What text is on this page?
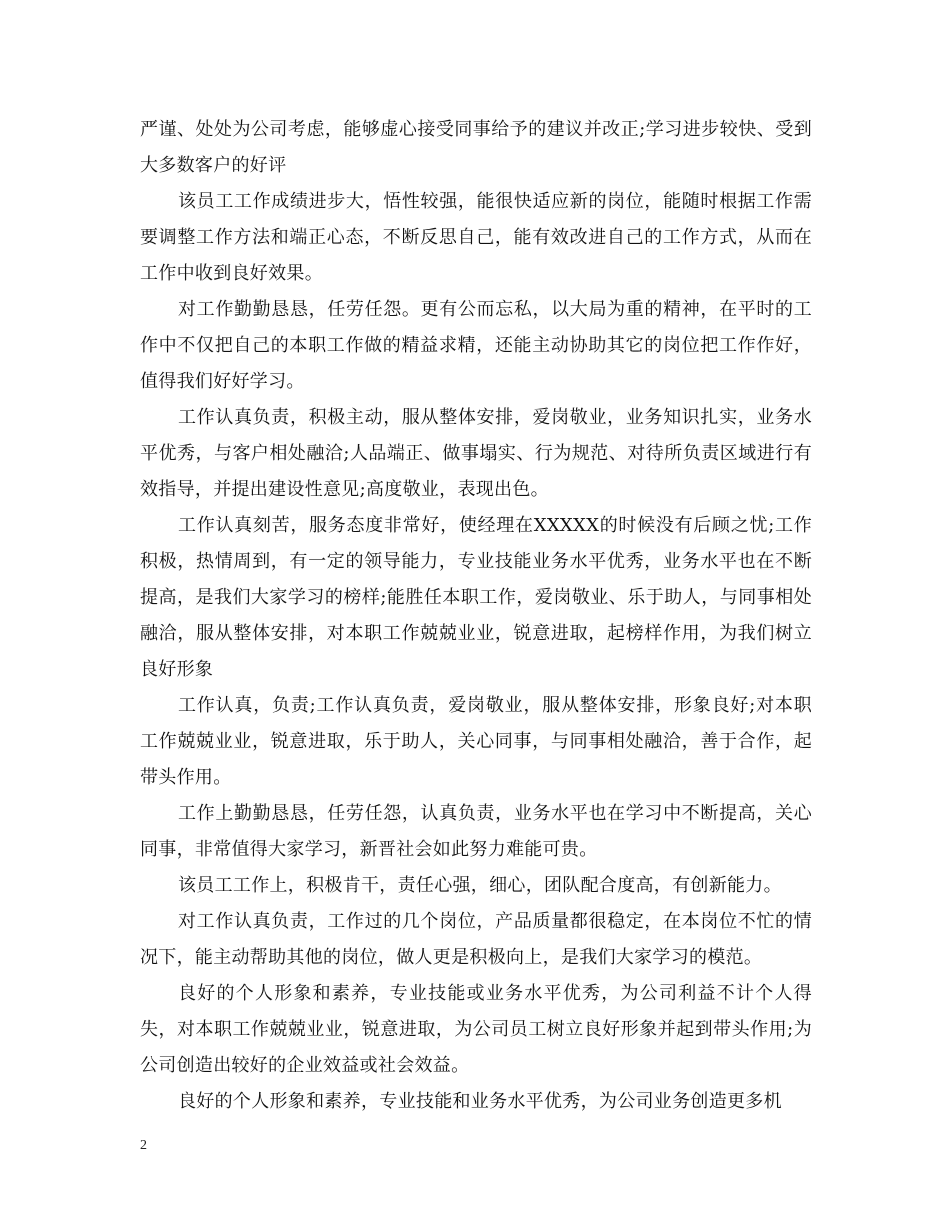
严谨、处处为公司考虑，能够虚心接受同事给予的建议并改正;学习进步较快、受到大多数客户的好评

该员工工作成绩进步大，悟性较强，能很快适应新的岗位，能随时根据工作需要调整工作方法和端正心态，不断反思自己，能有效改进自己的工作方式，从而在工作中收到良好效果。

对工作勤勤恳恳，任劳任怨。更有公而忘私，以大局为重的精神，在平时的工作中不仅把自己的本职工作做的精益求精，还能主动协助其它的岗位把工作作好，值得我们好好学习。

工作认真负责，积极主动，服从整体安排，爱岗敬业，业务知识扎实，业务水平优秀，与客户相处融洽;人品端正、做事塌实、行为规范、对待所负责区域进行有效指导，并提出建设性意见;高度敬业，表现出色。

工作认真刻苦，服务态度非常好，使经理在XXXXX的时候没有后顾之忧;工作积极，热情周到，有一定的领导能力，专业技能业务水平优秀，业务水平也在不断提高，是我们大家学习的榜样;能胜任本职工作，爱岗敬业、乐于助人，与同事相处融洽，服从整体安排，对本职工作兢兢业业，锐意进取，起榜样作用，为我们树立良好形象

工作认真，负责;工作认真负责，爱岗敬业，服从整体安排，形象良好;对本职工作兢兢业业，锐意进取，乐于助人，关心同事，与同事相处融洽，善于合作，起带头作用。

工作上勤勤恳恳，任劳任怨，认真负责，业务水平也在学习中不断提高，关心同事，非常值得大家学习，新晋社会如此努力难能可贵。

该员工工作上，积极肯干，责任心强，细心，团队配合度高，有创新能力。

对工作认真负责，工作过的几个岗位，产品质量都很稳定，在本岗位不忙的情况下，能主动帮助其他的岗位，做人更是积极向上，是我们大家学习的模范。

良好的个人形象和素养，专业技能或业务水平优秀，为公司利益不计个人得失，对本职工作兢兢业业，锐意进取，为公司员工树立良好形象并起到带头作用;为公司创造出较好的企业效益或社会效益。

良好的个人形象和素养，专业技能和业务水平优秀，为公司业务创造更多机

2
